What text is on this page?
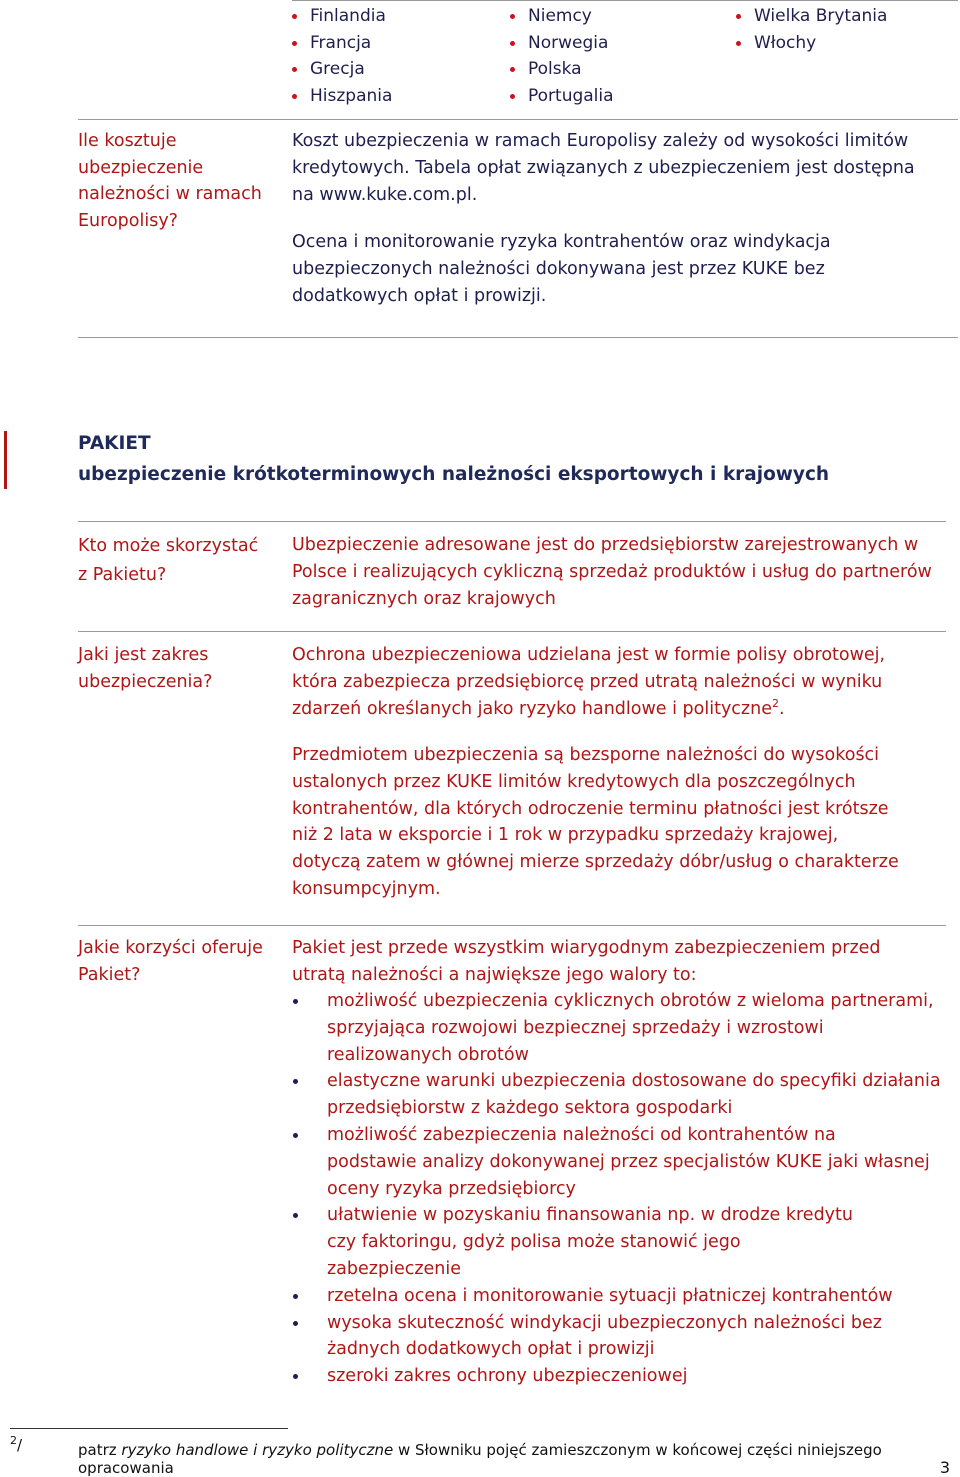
Finlandia
Francja
Grecja
Hiszpania
Niemcy
Norwegia
Polska
Portugalia
Wielka Brytania
Włochy
Ile kosztuje ubezpieczenie należności w ramach Europolisy?
Koszt ubezpieczenia w ramach Europolisy zależy od wysokości limitów kredytowych. Tabela opłat związanych z ubezpieczeniem jest dostępna na www.kuke.com.pl.
Ocena i monitorowanie ryzyka kontrahentów oraz windykacja ubezpieczonych należności dokonywana jest przez KUKE bez dodatkowych opłat i prowizji.
PAKIET
ubezpieczenie krótkoterminowych należności eksportowych i krajowych
Kto może skorzystać
z Pakietu?
Ubezpieczenie adresowane jest do przedsiębiorstw zarejestrowanych w Polsce i realizujących cykliczną sprzedaż produktów i usług do partnerów zagranicznych oraz krajowych
Jaki jest zakres ubezpieczenia?
Ochrona ubezpieczeniowa udzielana jest w formie polisy obrotowej, która zabezpiecza przedsiębiorcę przed utratą należności w wyniku zdarzeń określanych jako ryzyko handlowe i polityczne$^2$.
Przedmiotem ubezpieczenia są bezsporne należności do wysokości ustalonych przez KUKE limitów kredytowych dla poszczególnych kontrahentów, dla których odroczenie terminu płatności jest krótsze niż 2 lata w eksporcie i 1 rok w przypadku sprzedaży krajowej, dotyczą zatem w głównej mierze sprzedaży dóbr/usług o charakterze konsumpcyjnym.
Jakie korzyści oferuje Pakiet?
Pakiet jest przede wszystkim wiarygodnym zabezpieczeniem przed utratą należności a największe jego walory to:
możliwość ubezpieczenia cyklicznych obrotów z wieloma partnerami, sprzyjająca rozwojowi bezpiecznej sprzedaży i wzrostowi realizowanych obrotów
elastyczne warunki ubezpieczenia dostosowane do specyfiki działania przedsiębiorstw z każdego sektora gospodarki
możliwość zabezpieczenia należności od kontrahentów na podstawie analizy dokonywanej przez specjalistów KUKE jaki własnej oceny ryzyka przedsiębiorcy
ułatwienie w pozyskaniu finansowania np. w drodze kredytu czy faktoringu, gdyż polisa może stanowić jego zabezpieczenie
rzetelna ocena i monitorowanie sytuacji płatniczej kontrahentów
wysoka skuteczność windykacji ubezpieczonych należności bez żadnych dodatkowych opłat i prowizji
szeroki zakres ochrony ubezpieczeniowej
$^2$/	patrz ryzyko handlowe i ryzyko polityczne w Słowniku pojęć zamieszczonym w końcowej części niniejszego opracowania	3
